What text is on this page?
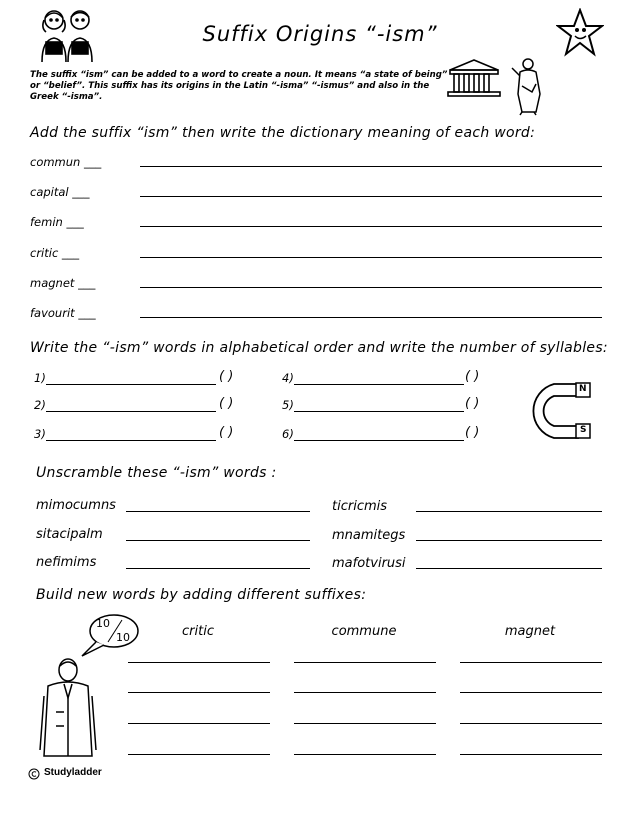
Suffix Origins “-ism”
The suffix “ism” can be added to a word to create a noun. It means “a state of being” or “belief”. This suffix has its origins in the Latin “-isma” “-ismus” and also in the Greek “-isma”.
Add the suffix “ism” then write the dictionary meaning of each word:
commun ___
capital ___
femin ___
critic ___
magnet ___
favourit ___
Write the “-ism” words in alphabetical order and write the number of syllables:
1)	( )
2)	( )
3)	( )
4)	( )
5)	( )
6)	( )
N
S
Unscramble these “-ism” words :
mimocumns
sitacipalm
nefimims
ticricmis
mnamitegs
mafotvirusi
Build new words by adding different suffixes:
10
10	critic	commune	magnet
Studyladder
